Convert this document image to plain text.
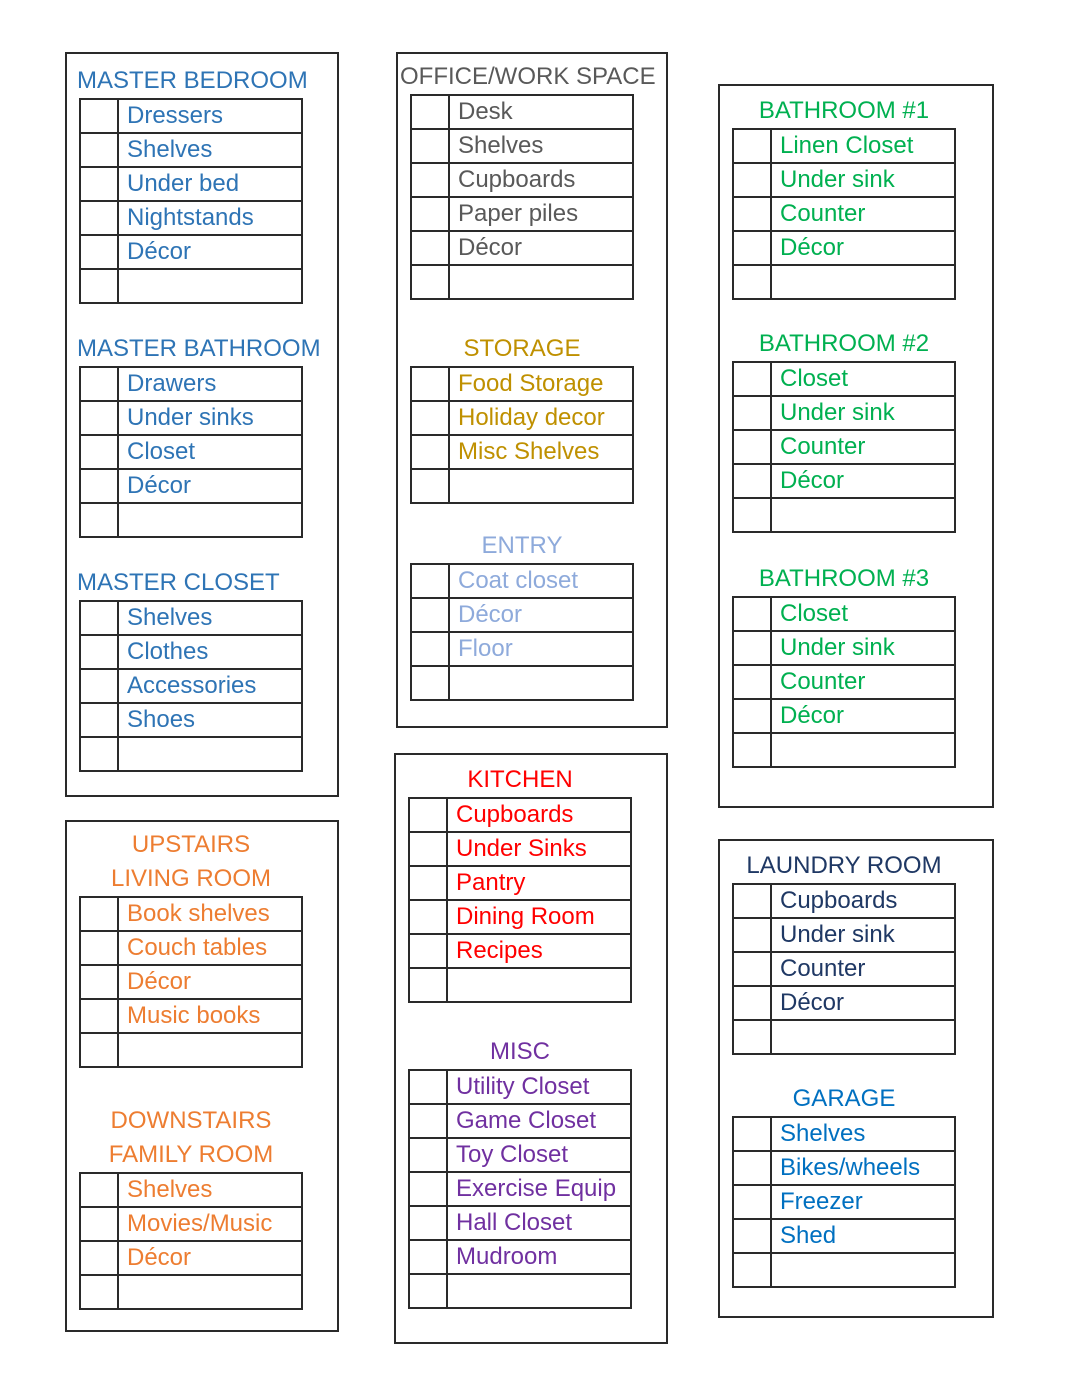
MASTER BEDROOM
	Dressers
	Shelves
	Under bed
	Nightstands
	Décor

MASTER BATHROOM
	Drawers
	Under sinks
	Closet
	Décor

MASTER CLOSET
	Shelves
	Clothes
	Accessories
	Shoes

UPSTAIRS
LIVING ROOM
	Book shelves
	Couch tables
	Décor
	Music books

DOWNSTAIRS
FAMILY ROOM
	Shelves
	Movies/Music
	Décor

OFFICE/WORK SPACE
	Desk
	Shelves
	Cupboards
	Paper piles
	Décor

STORAGE
	Food Storage
	Holiday decor
	Misc Shelves

ENTRY
	Coat closet
	Décor
	Floor

KITCHEN
	Cupboards
	Under Sinks
	Pantry
	Dining Room
	Recipes

MISC
	Utility Closet
	Game Closet
	Toy Closet
	Exercise Equip
	Hall Closet
	Mudroom

BATHROOM #1
	Linen Closet
	Under sink
	Counter
	Décor

BATHROOM #2
	Closet
	Under sink
	Counter
	Décor

BATHROOM #3
	Closet
	Under sink
	Counter
	Décor

LAUNDRY ROOM
	Cupboards
	Under sink
	Counter
	Décor

GARAGE
	Shelves
	Bikes/wheels
	Freezer
	Shed
